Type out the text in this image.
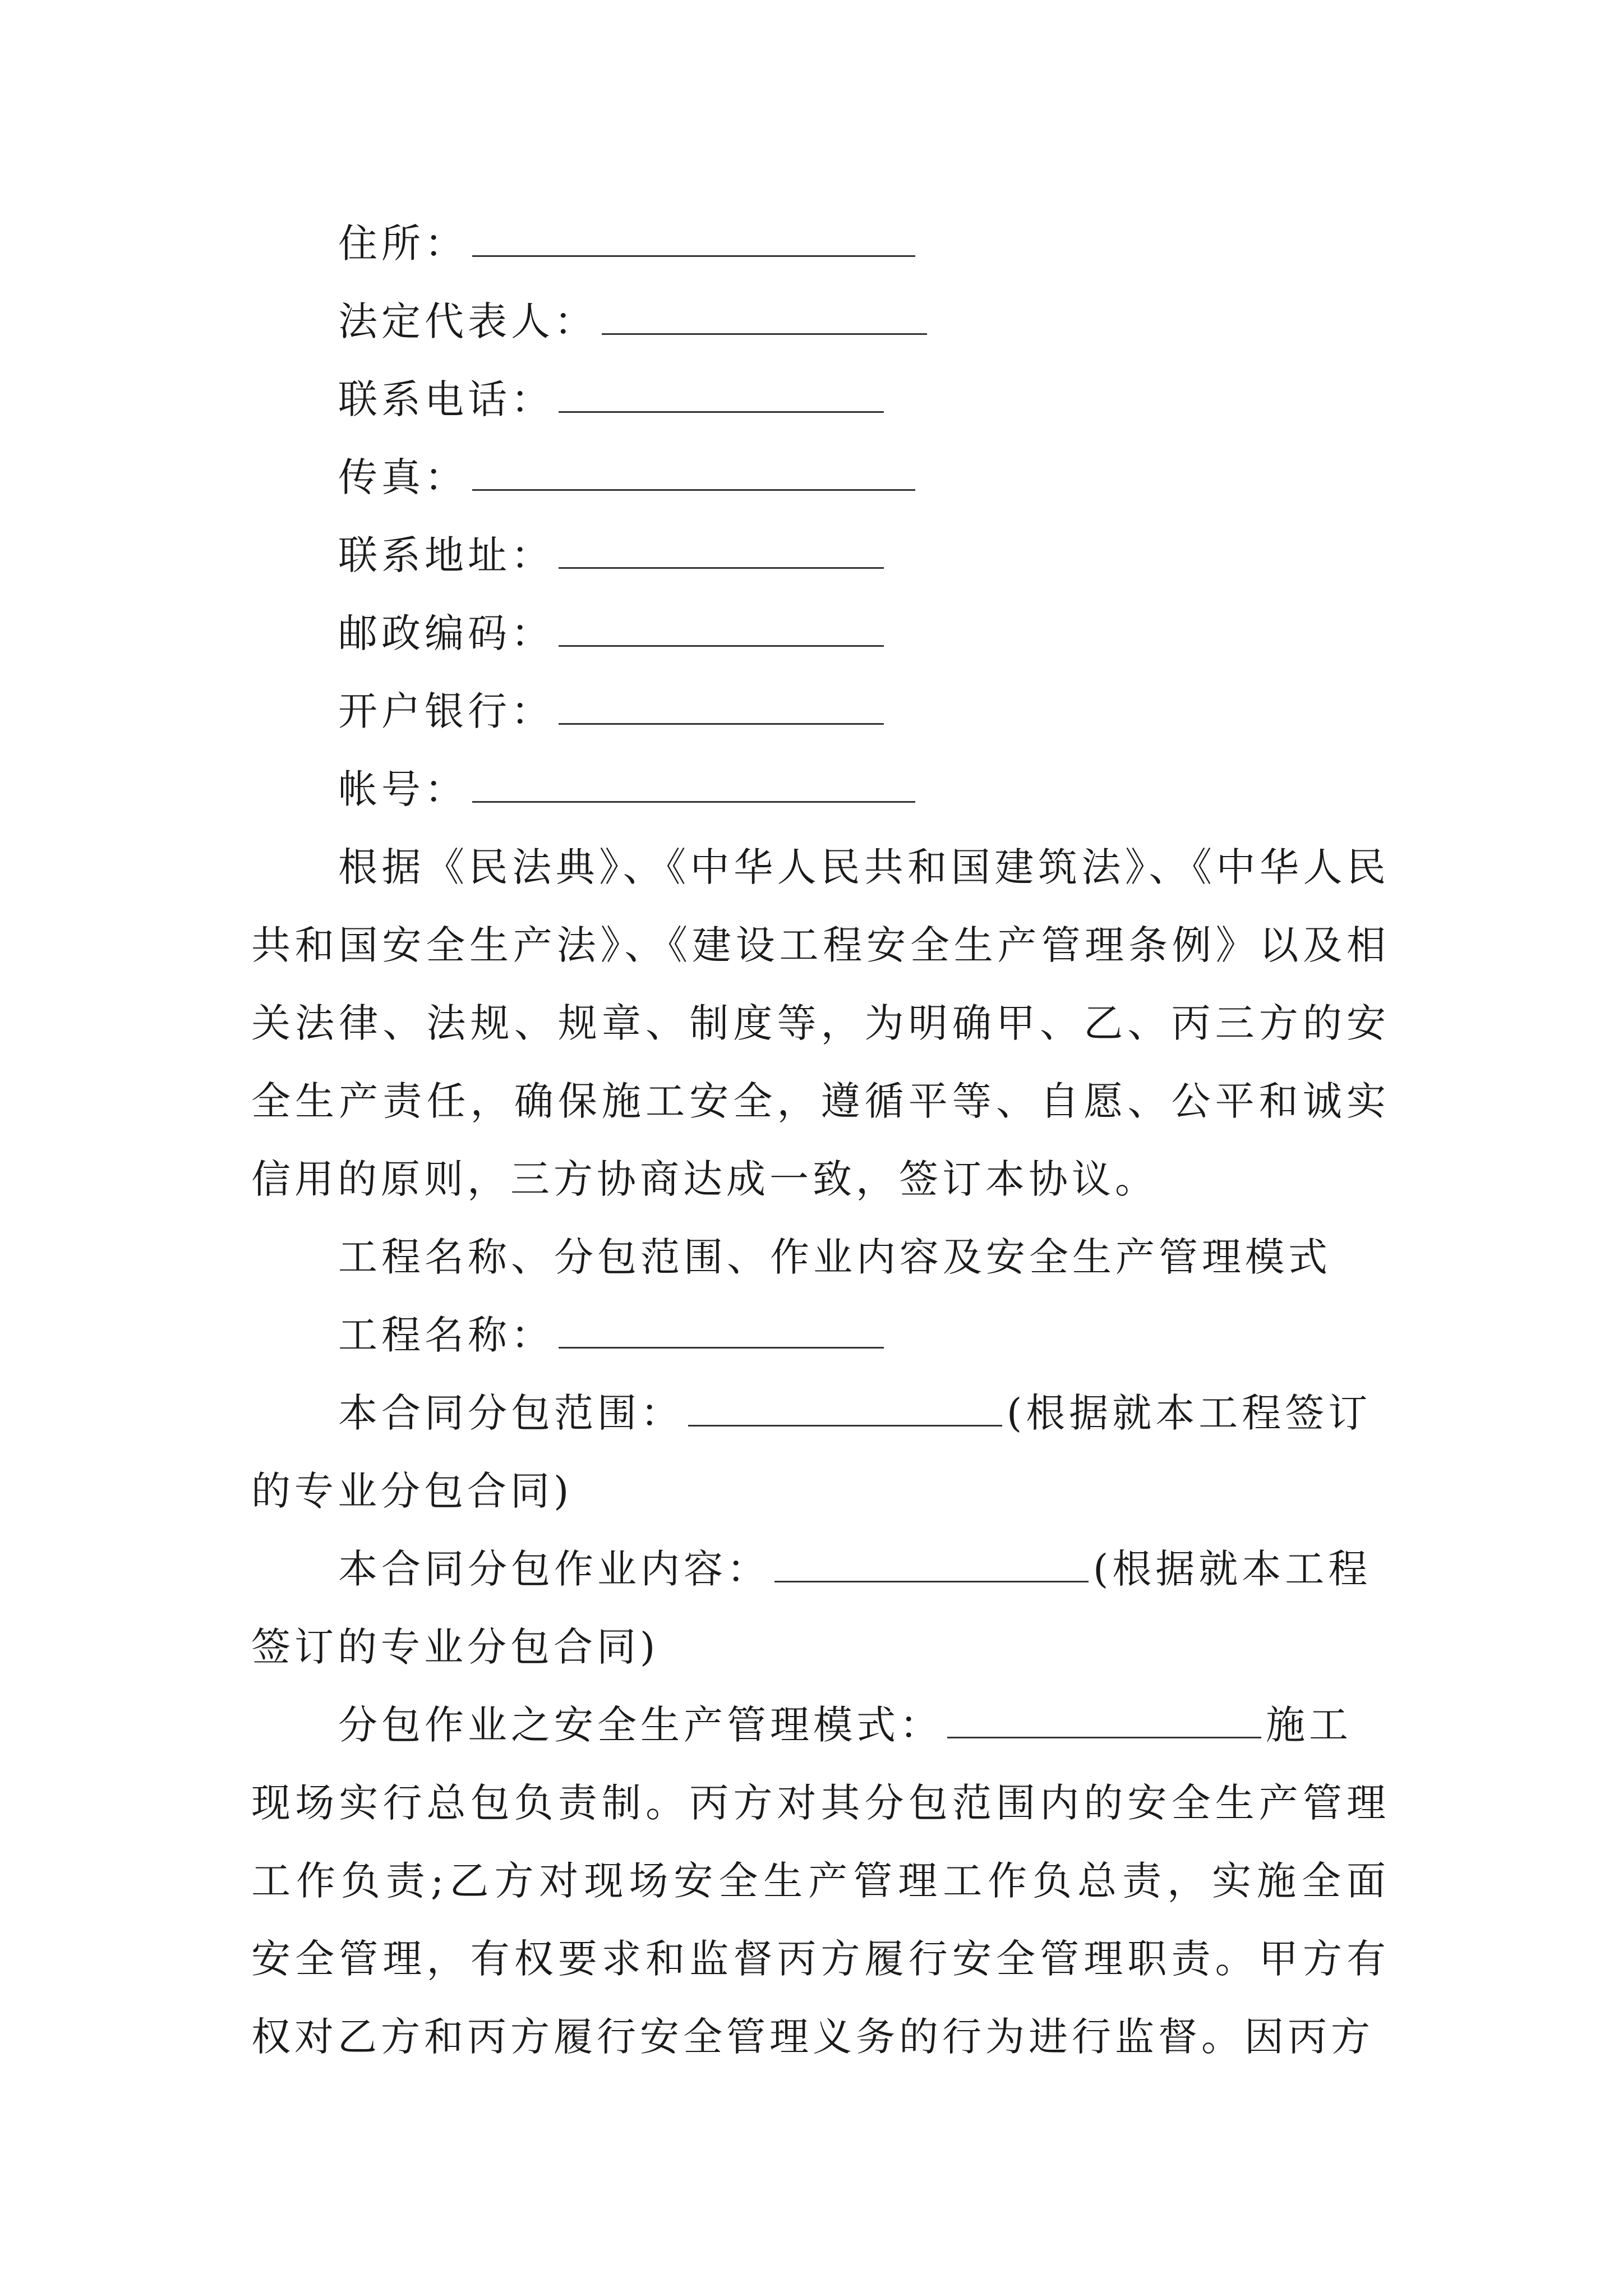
住所：
法定代表人：
联系电话：
传真：
联系地址：
邮政编码：
开户银行：
帐号：
根据《民法典》、《中华人民共和国建筑法》、《中华人民共和国安全生产法》、《建设工程安全生产管理条例》以及相关法律、法规、规章、制度等，为明确甲、乙、丙三方的安全生产责任，确保施工安全，遵循平等、自愿、公平和诚实信用的原则，三方协商达成一致，签订本协议。
工程名称、分包范围、作业内容及安全生产管理模式
工程名称：
本合同分包范围：	(根据就本工程签订
的专业分包合同)
本合同分包作业内容：	(根据就本工程
签订的专业分包合同)
分包作业之安全生产管理模式：	施工
现场实行总包负责制。丙方对其分包范围内的安全生产管理工作负责;乙方对现场安全生产管理工作负总责，实施全面安全管理，有权要求和监督丙方履行安全管理职责。甲方有权对乙方和丙方履行安全管理义务的行为进行监督。因丙方
